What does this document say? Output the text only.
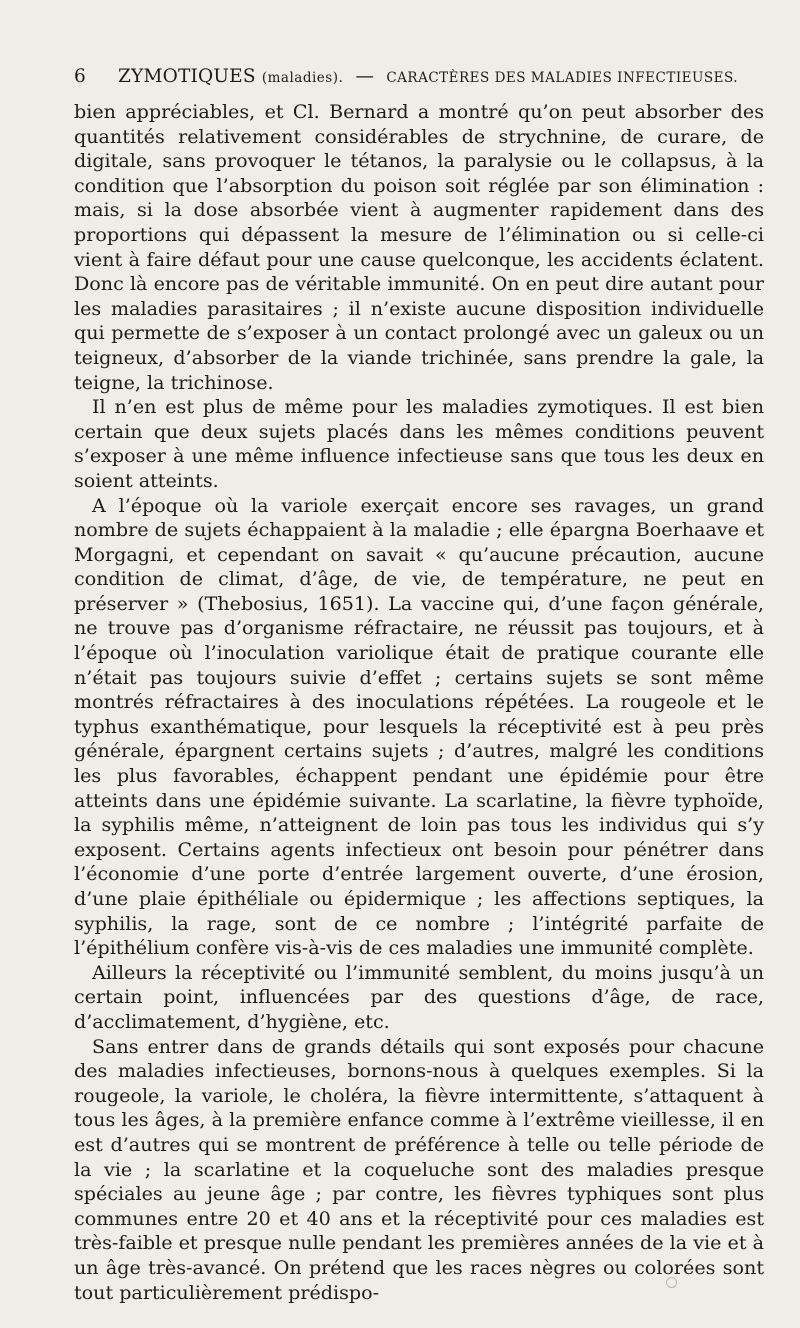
6	ZYMOTIQUES
(maladies).
—
CARACTÈRES DES MALADIES INFECTIEUSES.

bien appréciables, et Cl. Bernard a montré qu’on peut absorber des quantités relativement considérables de strychnine, de curare, de digitale, sans provoquer le tétanos, la paralysie ou le collapsus, à la condition que l’absorption du poison soit réglée par son élimination : mais, si la dose absorbée vient à augmenter rapidement dans des proportions qui dépassent la mesure de l’élimination ou si celle-ci vient à faire défaut pour une cause quelconque, les accidents éclatent. Donc là encore pas de véritable immunité. On en peut dire autant pour les maladies parasitaires ; il n’existe aucune disposition individuelle qui permette de s’exposer à un contact prolongé avec un galeux ou un teigneux, d’absorber de la viande trichinée, sans prendre la gale, la teigne, la trichinose.

Il n’en est plus de même pour les maladies zymotiques. Il est bien certain que deux sujets placés dans les mêmes conditions peuvent s’exposer à une même influence infectieuse sans que tous les deux en soient atteints.

A l’époque où la variole exerçait encore ses ravages, un grand nombre de sujets échappaient à la maladie ; elle épargna Boerhaave et Morgagni, et cependant on savait « qu’aucune précaution, aucune condition de climat, d’âge, de vie, de température, ne peut en préserver » (Thebosius, 1651). La vaccine qui, d’une façon générale, ne trouve pas d’organisme réfractaire, ne réussit pas toujours, et à l’époque où l’inoculation variolique était de pratique courante elle n’était pas toujours suivie d’effet ; certains sujets se sont même montrés réfractaires à des inoculations répétées. La rougeole et le typhus exanthématique, pour lesquels la réceptivité est à peu près générale, épargnent certains sujets ; d’autres, malgré les conditions les plus favorables, échappent pendant une épidémie pour être atteints dans une épidémie suivante. La scarlatine, la fièvre typhoïde, la syphilis même, n’atteignent de loin pas tous les individus qui s’y exposent. Certains agents infectieux ont besoin pour pénétrer dans l’économie d’une porte d’entrée largement ouverte, d’une érosion, d’une plaie épithéliale ou épidermique ; les affections septiques, la syphilis, la rage, sont de ce nombre ; l’intégrité parfaite de l’épithélium confère vis-à-vis de ces maladies une immunité complète.

Ailleurs la réceptivité ou l’immunité semblent, du moins jusqu’à un certain point, influencées par des questions d’âge, de race, d’acclimatement, d’hygiène, etc.

Sans entrer dans de grands détails qui sont exposés pour chacune des maladies infectieuses, bornons-nous à quelques exemples. Si la rougeole, la variole, le choléra, la fièvre intermittente, s’attaquent à tous les âges, à la première enfance comme à l’extrême vieillesse, il en est d’autres qui se montrent de préférence à telle ou telle période de la vie ; la scarlatine et la coqueluche sont des maladies presque spéciales au jeune âge ; par contre, les fièvres typhiques sont plus communes entre 20 et 40 ans et la réceptivité pour ces maladies est très-faible et presque nulle pendant les premières années de la vie et à un âge très-avancé. On prétend que les races nègres ou colorées sont tout particulièrement prédispo-
